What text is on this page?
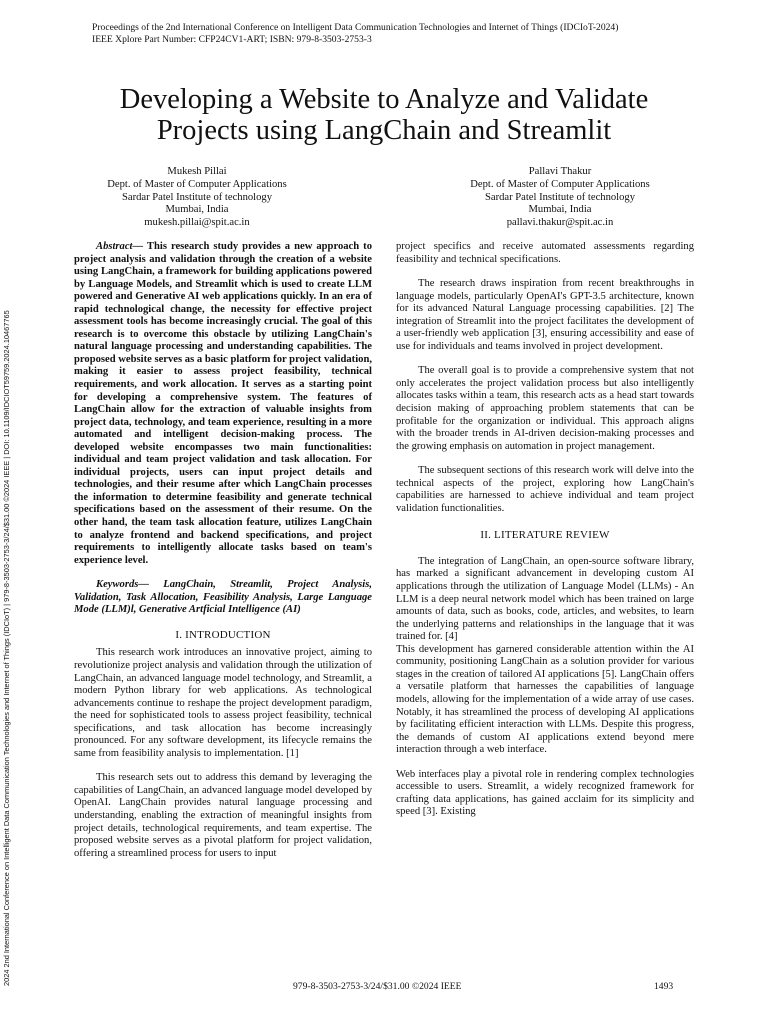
Proceedings of the 2nd International Conference on Intelligent Data Communication Technologies and Internet of Things (IDCIoT-2024)
IEEE Xplore Part Number: CFP24CV1-ART; ISBN: 979-8-3503-2753-3
2024 2nd International Conference on Intelligent Data Communication Technologies and Internet of Things (IDCIoT) | 979-8-3503-2753-3/24/$31.00 ©2024 IEEE | DOI: 10.1109/IDCIOT59759.2024.10467765
Developing a Website to Analyze and Validate
Projects using LangChain and Streamlit
Mukesh Pillai
Dept. of Master of Computer Applications
Sardar Patel Institute of technology
Mumbai, India
mukesh.pillai@spit.ac.in
Pallavi Thakur
Dept. of Master of Computer Applications
Sardar Patel Institute of technology
Mumbai, India
pallavi.thakur@spit.ac.in

Abstract— This research study provides a new approach to project analysis and validation through the creation of a website using LangChain, a framework for building applications powered by Language Models, and Streamlit which is used to create LLM powered and Generative AI web applications quickly. In an era of rapid technological change, the necessity for effective project assessment tools has become increasingly crucial. The goal of this research is to overcome this obstacle by utilizing LangChain's natural language processing and understanding capabilities. The proposed website serves as a basic platform for project validation, making it easier to assess project feasibility, technical requirements, and work allocation. It serves as a starting point for developing a comprehensive system. The features of LangChain allow for the extraction of valuable insights from project data, technology, and team experience, resulting in a more automated and intelligent decision-making process. The developed website encompasses two main functionalities: individual and team project validation and task allocation. For individual projects, users can input project details and technologies, and their resume after which LangChain processes the information to determine feasibility and generate technical specifications based on the assessment of their resume. On the other hand, the team task allocation feature, utilizes LangChain to analyze frontend and backend specifications, and project requirements to intelligently allocate tasks based on team's experience level.

Keywords— LangChain, Streamlit, Project Analysis, Validation, Task Allocation, Feasibility Analysis, Large Language Mode (LLM)l, Generative Artficial Intelligence (AI)

I. INTRODUCTION

This research work introduces an innovative project, aiming to revolutionize project analysis and validation through the utilization of LangChain, an advanced language model technology, and Streamlit, a modern Python library for web applications. As technological advancements continue to reshape the project development paradigm, the need for sophisticated tools to assess project feasibility, technical specifications, and task allocation has become increasingly pronounced. For any software development, its lifecycle remains the same from feasibility analysis to implementation. [1]

This research sets out to address this demand by leveraging the capabilities of LangChain, an advanced language model developed by OpenAI. LangChain provides natural language processing and understanding, enabling the extraction of meaningful insights from project details, technological requirements, and team expertise. The proposed website serves as a pivotal platform for project validation, offering a streamlined process for users to input

project specifics and receive automated assessments regarding feasibility and technical specifications.

The research draws inspiration from recent breakthroughs in language models, particularly OpenAI's GPT-3.5 architecture, known for its advanced Natural Language processing capabilities. [2] The integration of Streamlit into the project facilitates the development of a user-friendly web application [3], ensuring accessibility and ease of use for individuals and teams involved in project development.

The overall goal is to provide a comprehensive system that not only accelerates the project validation process but also intelligently allocates tasks within a team, this research acts as a head start towards decision making of approaching problem statements that can be profitable for the organization or individual. This approach aligns with the broader trends in AI-driven decision-making processes and the growing emphasis on automation in project management.

The subsequent sections of this research work will delve into the technical aspects of the project, exploring how LangChain's capabilities are harnessed to achieve individual and team project validation functionalities.

II. LITERATURE REVIEW

The integration of LangChain, an open-source software library, has marked a significant advancement in developing custom AI applications through the utilization of Language Model (LLMs) - An LLM is a deep neural network model which has been trained on large amounts of data, such as books, code, articles, and websites, to learn the underlying patterns and relationships in the language that it was trained for. [4]

This development has garnered considerable attention within the AI community, positioning LangChain as a solution provider for various stages in the creation of tailored AI applications [5]. LangChain offers a versatile platform that harnesses the capabilities of language models, allowing for the implementation of a wide array of use cases. Notably, it has streamlined the process of developing AI applications by facilitating efficient interaction with LLMs. Despite this progress, the demands of custom AI applications extend beyond mere interaction through a web interface.

Web interfaces play a pivotal role in rendering complex technologies accessible to users. Streamlit, a widely recognized framework for crafting data applications, has gained acclaim for its simplicity and speed [3]. Existing

979-8-3503-2753-3/24/$31.00 ©2024 IEEE	1493
